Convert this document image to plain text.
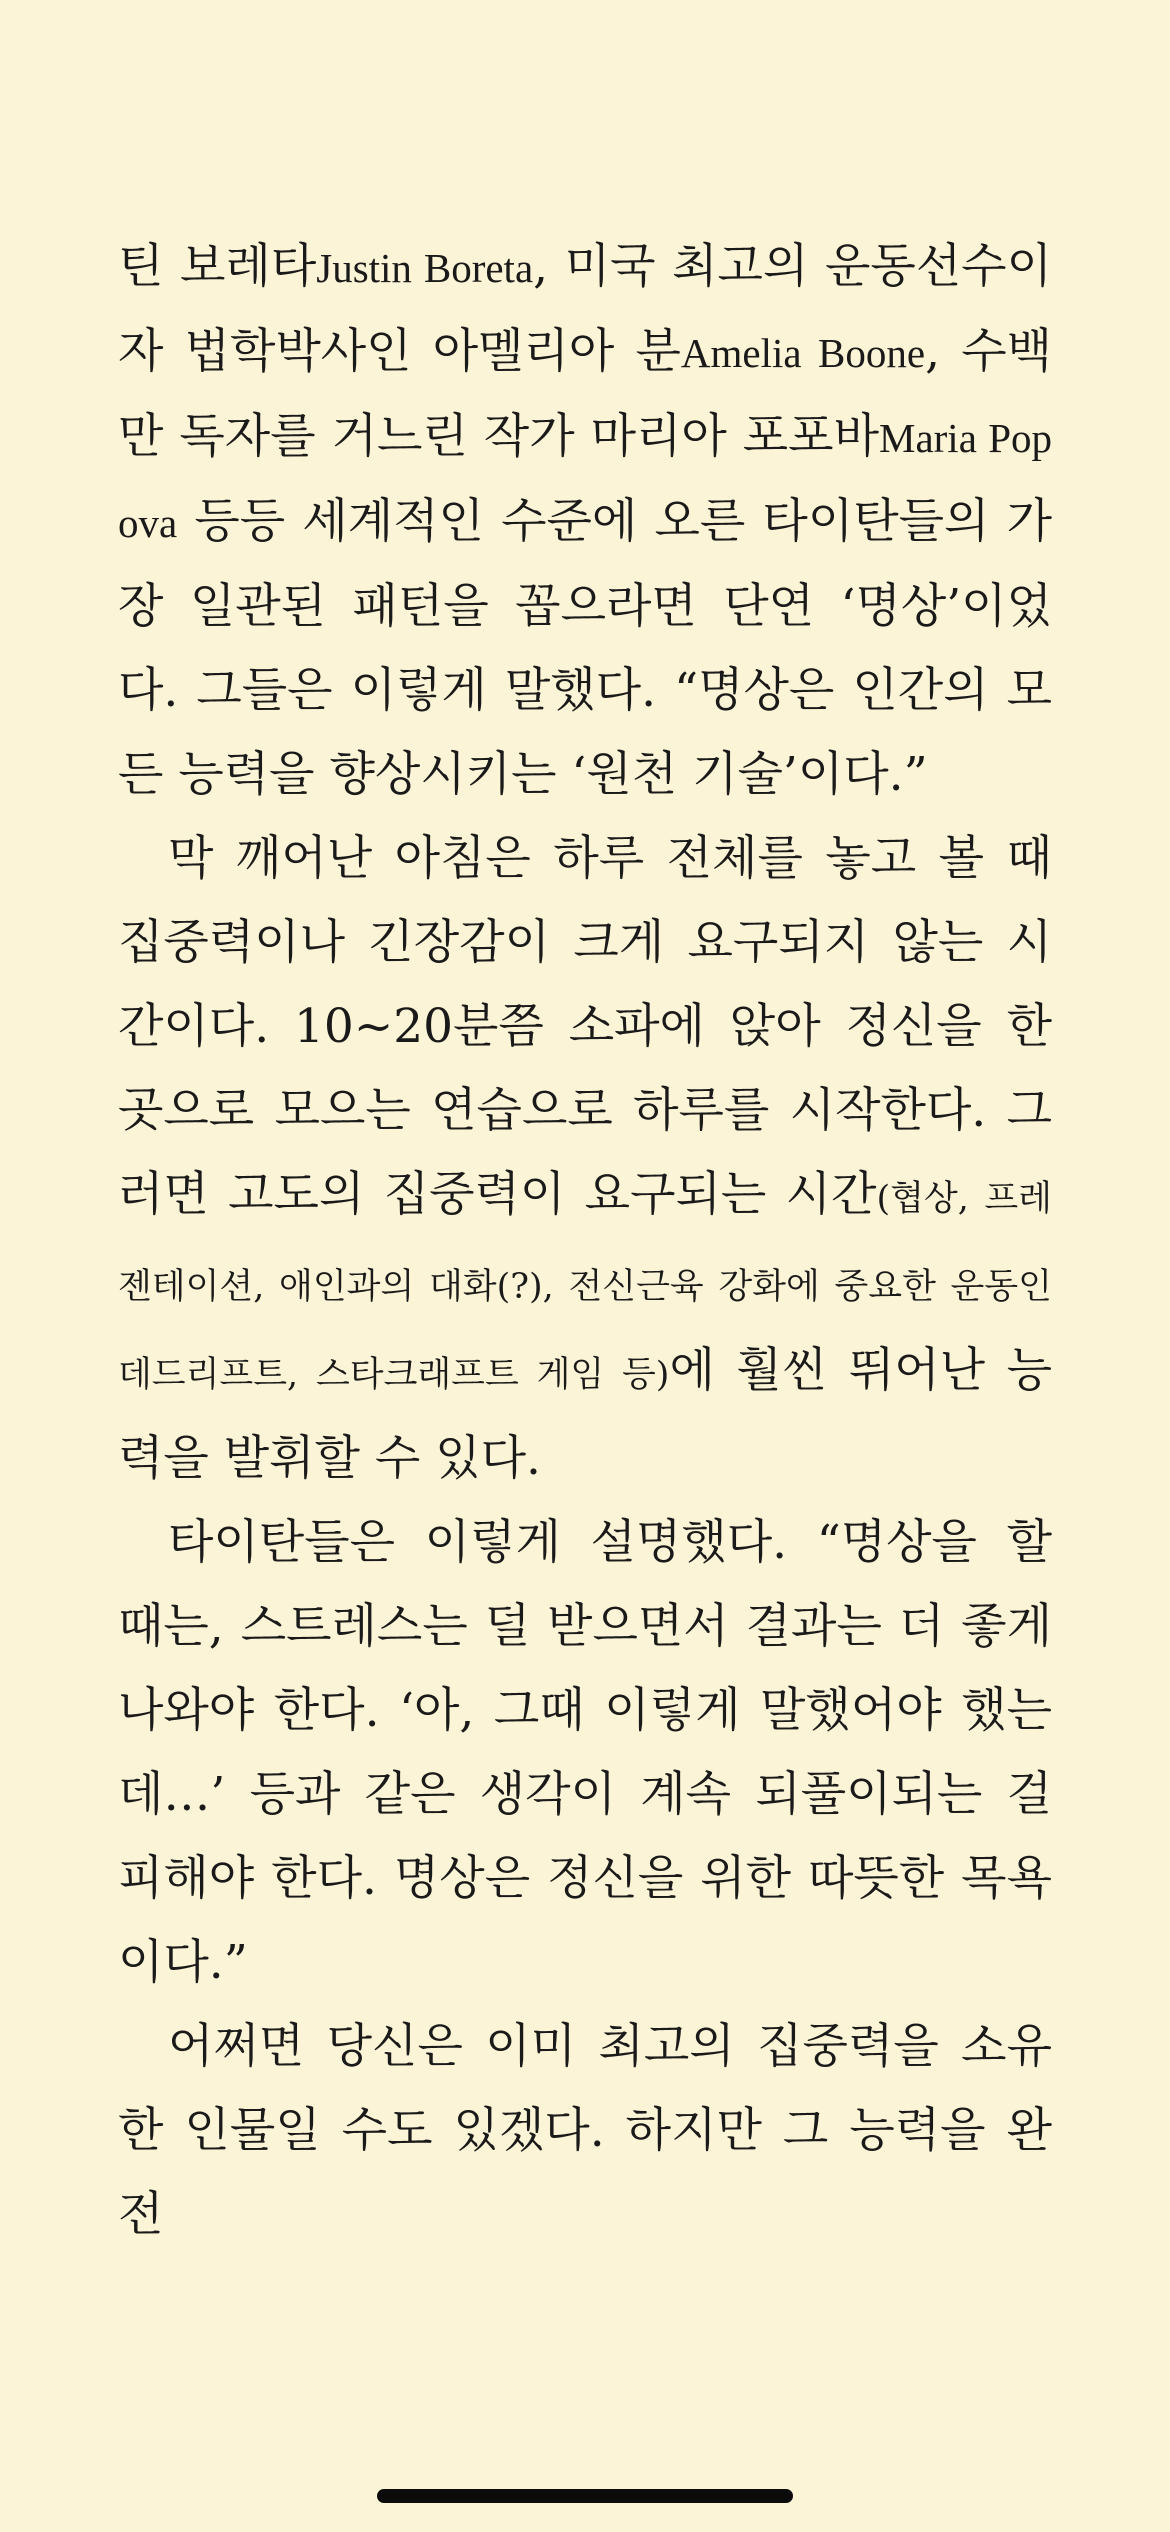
틴 보레타Justin Boreta, 미국 최고의 운동선수이자 법학박사인 아멜리아 분Amelia Boone, 수백만 독자를 거느린 작가 마리아 포포바Maria Popova 등등 세계적인 수준에 오른 타이탄들의 가장 일관된 패턴을 꼽으라면 단연 ‘명상’이었다. 그들은 이렇게 말했다. “명상은 인간의 모든 능력을 향상시키는 ‘원천 기술’이다.”

막 깨어난 아침은 하루 전체를 놓고 볼 때 집중력이나 긴장감이 크게 요구되지 않는 시간이다. 10~20분쯤 소파에 앉아 정신을 한 곳으로 모으는 연습으로 하루를 시작한다. 그러면 고도의 집중력이 요구되는 시간(협상, 프레젠테이션, 애인과의 대화(?), 전신근육 강화에 중요한 운동인 데드리프트, 스타크래프트 게임 등)에 훨씬 뛰어난 능력을 발휘할 수 있다.

타이탄들은 이렇게 설명했다. “명상을 할 때는, 스트레스는 덜 받으면서 결과는 더 좋게 나와야 한다. ‘아, 그때 이렇게 말했어야 했는데…’ 등과 같은 생각이 계속 되풀이되는 걸 피해야 한다. 명상은 정신을 위한 따뜻한 목욕이다.”

어쩌면 당신은 이미 최고의 집중력을 소유한 인물일 수도 있겠다. 하지만 그 능력을 완전
